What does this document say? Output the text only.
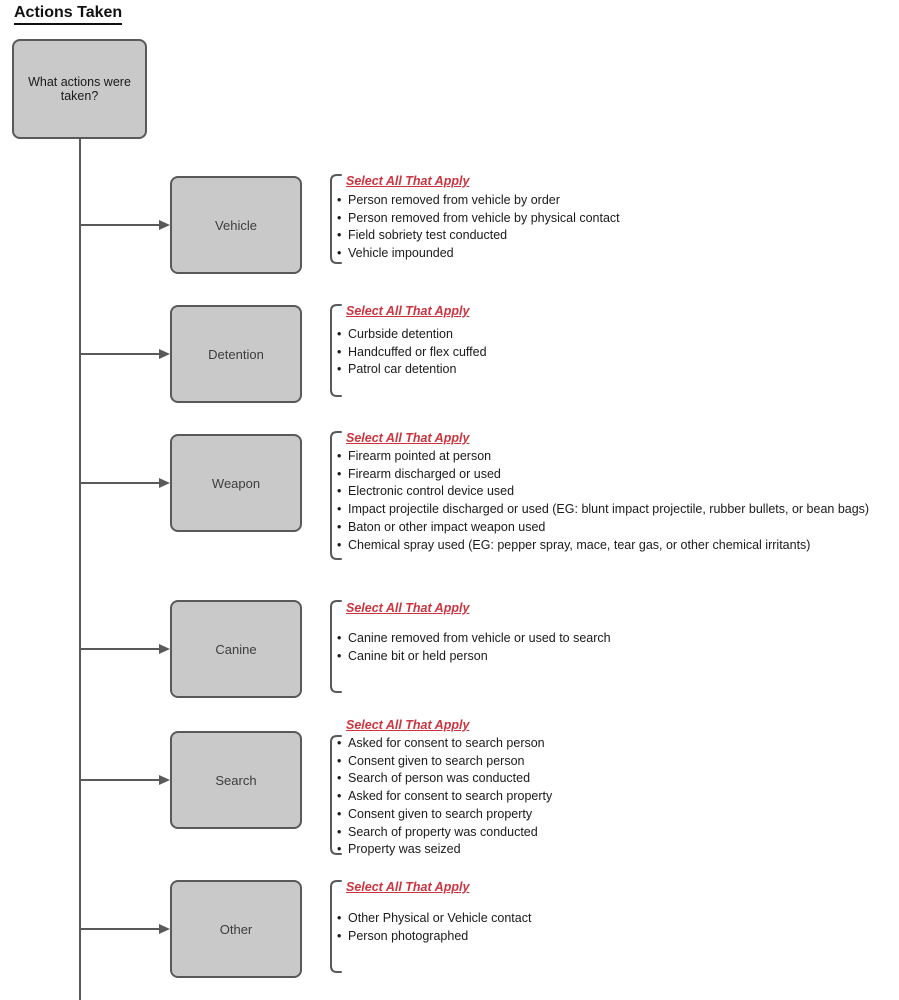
Actions Taken
What actions were taken?
Vehicle
Detention
Weapon
Canine
Search
Other
Select All That Apply
Select All That Apply
Select All That Apply
Select All That Apply
Select All That Apply
Select All That Apply
• Person removed from vehicle by order
• Person removed from vehicle by physical contact
• Field sobriety test conducted
• Vehicle impounded
• Curbside detention
• Handcuffed or flex cuffed
• Patrol car detention
• Firearm pointed at person
• Firearm discharged or used
• Electronic control device used
• Impact projectile discharged or used (EG: blunt impact projectile, rubber bullets, or bean bags)
• Baton or other impact weapon used
• Chemical spray used (EG: pepper spray, mace, tear gas, or other chemical irritants)
• Canine removed from vehicle or used to search
• Canine bit or held person
• Asked for consent to search person
• Consent given to search person
• Search of person was conducted
• Asked for consent to search property
• Consent given to search property
• Search of property was conducted
• Property was seized
• Other Physical or Vehicle contact
• Person photographed
